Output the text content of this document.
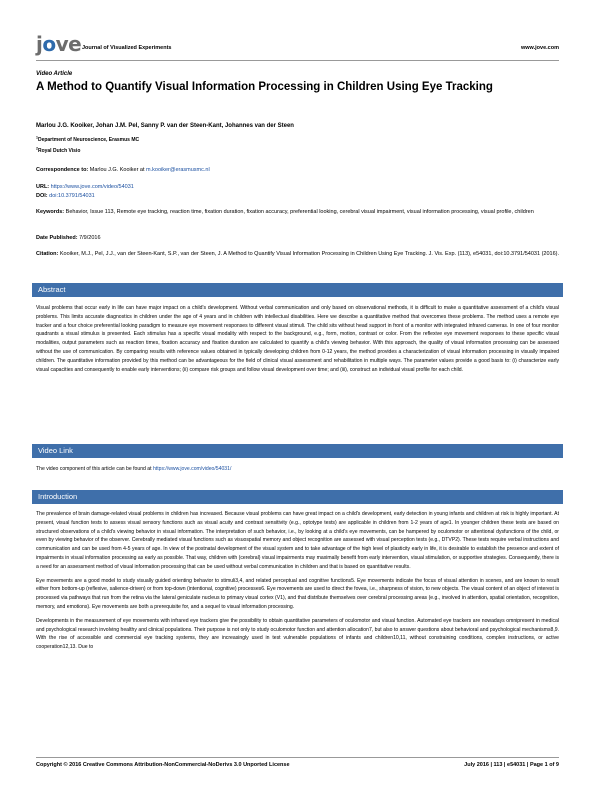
jove Journal of Visualized Experiments	www.jove.com
Video Article
A Method to Quantify Visual Information Processing in Children Using Eye Tracking
Marlou J.G. Kooiker, Johan J.M. Pel, Sanny P. van der Steen-Kant, Johannes van der Steen
$^1$Department of Neuroscience, Erasmus MC
$^2$Royal Dutch Visio
Correspondence to: Marlou J.G. Kooiker at m.kooiker@erasmusmc.nl
URL: https://www.jove.com/video/54031
DOI: doi:10.3791/54031
Keywords: Behavior, Issue 113, Remote eye tracking, reaction time, fixation duration, fixation accuracy, preferential looking, cerebral visual impairment, visual information processing, visual profile, children
Date Published: 7/9/2016
Citation: Kooiker, M.J., Pel, J.J., van der Steen-Kant, S.P., van der Steen, J. A Method to Quantify Visual Information Processing in Children Using Eye Tracking. J. Vis. Exp. (113), e54031, doi:10.3791/54031 (2016).
Abstract

Visual problems that occur early in life can have major impact on a child's development. Without verbal communication and only based on observational methods, it is difficult to make a quantitative assessment of a child's visual problems. This limits accurate diagnostics in children under the age of 4 years and in children with intellectual disabilities. Here we describe a quantitative method that overcomes these problems. The method uses a remote eye tracker and a four choice preferential looking paradigm to measure eye movement responses to different visual stimuli. The child sits without head support in front of a monitor with integrated infrared cameras. In one of four monitor quadrants a visual stimulus is presented. Each stimulus has a specific visual modality with respect to the background, e.g., form, motion, contrast or color. From the reflexive eye movement responses to these specific visual modalities, output parameters such as reaction times, fixation accuracy and fixation duration are calculated to quantify a child's viewing behavior. With this approach, the quality of visual information processing can be assessed without the use of communication. By comparing results with reference values obtained in typically developing children from 0-12 years, the method provides a characterization of visual information processing in visually impaired children. The quantitative information provided by this method can be advantageous for the field of clinical visual assessment and rehabilitation in multiple ways. The parameter values provide a good basis to: (i) characterize early visual capacities and consequently to enable early interventions; (ii) compare risk groups and follow visual development over time; and (iii), construct an individual visual profile for each child.

Video Link
The video component of this article can be found at https://www.jove.com/video/54031/
Introduction

The prevalence of brain damage-related visual problems in children has increased. Because visual problems can have great impact on a child's development, early detection in young infants and children at risk is highly important. At present, visual function tests to assess visual sensory functions such as visual acuity and contrast sensitivity (e.g., optotype tests) are applicable in children from 1-2 years of age1. In younger children these tests are based on structured observations of a child's viewing behavior in visual information. The interpretation of such behavior, i.e., by looking at a child's eye movements, can be hampered by oculomotor or attentional dysfunctions of the child, or even by viewing behavior of the observer. Cerebrally mediated visual functions such as visuospatial memory and object recognition are assessed with visual perception tests (e.g., DTVP2). These tests require verbal instructions and communication and can be used from 4-5 years of age. In view of the postnatal development of the visual system and to take advantage of the high level of plasticity early in life, it is desirable to establish the presence and extent of impairments in visual information processing as early as possible. That way, children with (cerebral) visual impairments may maximally benefit from early intervention, visual stimulation, or supportive strategies. Consequently, there is a need for an assessment method of visual information processing that can be used without verbal communication in children and that is based on quantitative results.

Eye movements are a good model to study visually guided orienting behavior to stimuli3,4, and related perceptual and cognitive functions5. Eye movements indicate the focus of visual attention in scenes, and are known to result either from bottom-up (reflexive, salience-driven) or from top-down (intentional, cognitive) processes6. Eye movements are used to direct the fovea, i.e., sharpness of vision, to new objects. The visual content of an object of interest is processed via pathways that run from the retina via the lateral geniculate nucleus to primary visual cortex (V1), and that distribute themselves over cerebral processing areas (e.g., involved in attention, spatial orientation, recognition, memory, and emotions). Eye movements are both a prerequisite for, and a sequel to visual information processing.

Developments in the measurement of eye movements with infrared eye trackers give the possibility to obtain quantitative parameters of oculomotor and visual function. Automated eye trackers are nowadays omnipresent in medical and psychological research involving healthy and clinical populations. Their purpose is not only to study oculomotor function and attention allocation7, but also to answer questions about behavioral and psychological mechanisms8,9. With the rise of accessible and commercial eye tracking systems, they are increasingly used in test vulnerable populations of infants and children10,11, without constraining conditions, complex instructions, or active cooperation12,13. Due to

Copyright © 2016 Creative Commons Attribution-NonCommercial-NoDerivs 3.0 Unported License	July 2016 | 113 | e54031 | Page 1 of 9
